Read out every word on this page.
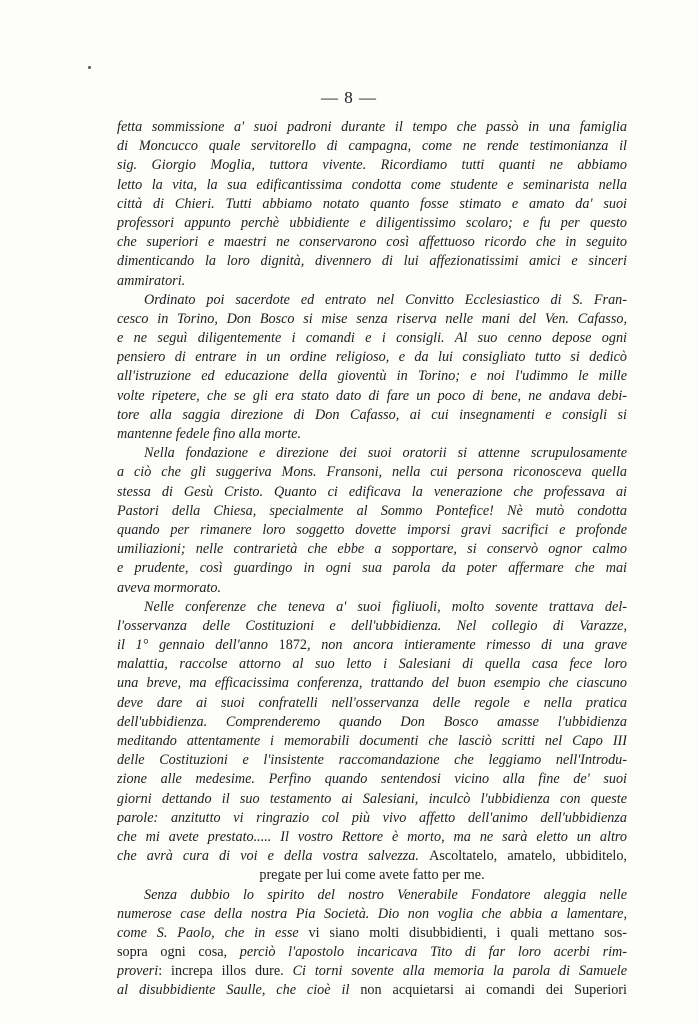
— 8 —
fetta sommissione a' suoi padroni durante il tempo che passò in una famiglia
di Moncucco quale servitorello di campagna, come ne rende testimonianza il
sig. Giorgio Moglia, tuttora vivente. Ricordiamo tutti quanti ne abbiamo
letto la vita, la sua edificantissima condotta come studente e seminarista nella
città di Chieri. Tutti abbiamo notato quanto fosse stimato e amato da' suoi
professori appunto perchè ubbidiente e diligentissimo scolaro; e fu per questo
che superiori e maestri ne conservarono così affettuoso ricordo che in seguito
dimenticando la loro dignità, divennero di lui affezionatissimi amici e sinceri
ammiratori.
Ordinato poi sacerdote ed entrato nel Convitto Ecclesiastico di S. Fran-
cesco in Torino, Don Bosco si mise senza riserva nelle mani del Ven. Cafasso,
e ne seguì diligentemente i comandi e i consigli. Al suo cenno depose ogni
pensiero di entrare in un ordine religioso, e da lui consigliato tutto si dedicò
all'istruzione ed educazione della gioventù in Torino; e noi l'udimmo le mille
volte ripetere, che se gli era stato dato di fare un poco di bene, ne andava debi-
tore alla saggia direzione di Don Cafasso, ai cui insegnamenti e consigli si
mantenne fedele fino alla morte.
Nella fondazione e direzione dei suoi oratorii si attenne scrupulosamente
a ciò che gli suggeriva Mons. Fransoni, nella cui persona riconosceva quella
stessa di Gesù Cristo. Quanto ci edificava la venerazione che professava ai
Pastori della Chiesa, specialmente al Sommo Pontefice! Nè mutò condotta
quando per rimanere loro soggetto dovette imporsi gravi sacrifici e profonde
umiliazioni; nelle contrarietà che ebbe a sopportare, si conservò ognor calmo
e prudente, così guardingo in ogni sua parola da poter affermare che mai
aveva mormorato.
Nelle conferenze che teneva a' suoi figliuoli, molto sovente trattava del-
l'osservanza delle Costituzioni e dell'ubbidienza. Nel collegio di Varazze,
il 1° gennaio dell'anno 1872, non ancora intieramente rimesso di una grave
malattia, raccolse attorno al suo letto i Salesiani di quella casa fece loro
una breve, ma efficacissima conferenza, trattando del buon esempio che ciascuno
deve dare ai suoi confratelli nell'osservanza delle regole e nella pratica
dell'ubbidienza. Comprenderemo quando Don Bosco amasse l'ubbidienza
meditando attentamente i memorabili documenti che lasciò scritti nel Capo III
delle Costituzioni e l'insistente raccomandazione che leggiamo nell'Introdu-
zione alle medesime. Perfino quando sentendosi vicino alla fine de' suoi
giorni dettando il suo testamento ai Salesiani, inculcò l'ubbidienza con queste
parole: anzitutto vi ringrazio col più vivo affetto dell'animo dell'ubbidienza
che mi avete prestato..... Il vostro Rettore è morto, ma ne sarà eletto un altro
che avrà cura di voi e della vostra salvezza. Ascoltatelo, amatelo, ubbiditelo,
pregate per lui come avete fatto per me.
Senza dubbio lo spirito del nostro Venerabile Fondatore aleggia nelle
numerose case della nostra Pia Società. Dio non voglia che abbia a lamentare,
come S. Paolo, che in esse vi siano molti disubbidienti, i quali mettano sos-
sopra ogni cosa, perciò l'apostolo incaricava Tito di far loro acerbi rim-
proveri: increpa illos dure. Ci torni sovente alla memoria la parola di Samuele
al disubbidiente Saulle, che cioè il non acquietarsi ai comandi dei Superiori
